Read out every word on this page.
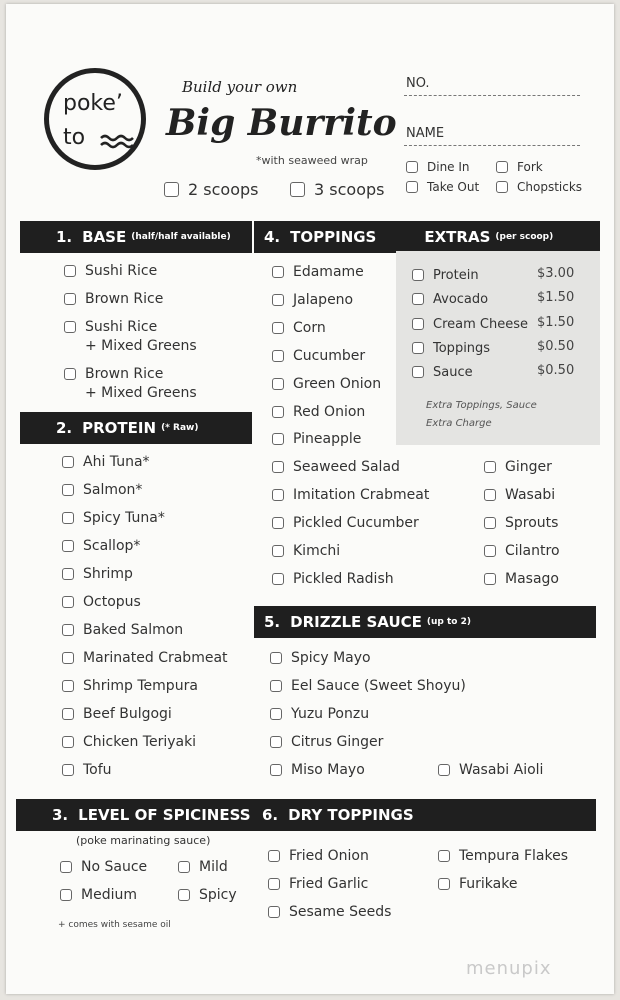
poke’
to
Build your own
Big Burrito
*with seaweed wrap
2 scoops	3 scoops
NO.
NAME
Dine In	Fork
Take Out	Chopsticks
1. BASE (half/half available) 4. TOPPINGS	EXTRAS (per scoop)
2. PROTEIN (* Raw)
5. DRIZZLE SAUCE (up to 2)
3. LEVEL OF SPICINESS 6. DRY TOPPINGS
Sushi Rice
Brown Rice
Sushi Rice
+ Mixed Greens
Brown Rice
+ Mixed Greens
Ahi Tuna*
Salmon*
Spicy Tuna*
Scallop*
Shrimp
Octopus
Baked Salmon
Marinated Crabmeat
Shrimp Tempura
Beef Bulgogi
Chicken Teriyaki
Tofu
Edamame
Jalapeno
Corn
Cucumber
Green Onion
Red Onion
Pineapple
Seaweed Salad
Imitation Crabmeat
Pickled Cucumber
Kimchi
Pickled Radish
Ginger
Wasabi
Sprouts
Cilantro
Masago
Protein	$3.00
Avocado	$1.50
Cream Cheese $1.50
Toppings	$0.50
Sauce	$0.50
Extra Toppings, Sauce
Extra Charge
Spicy Mayo
Eel Sauce (Sweet Shoyu)
Yuzu Ponzu
Citrus Ginger
Miso Mayo	Wasabi Aioli
(poke marinating sauce)
No Sauce	Mild
Medium	Spicy
+ comes with sesame oil
Fried Onion	Tempura Flakes
Fried Garlic	Furikake
Sesame Seeds
menupix
